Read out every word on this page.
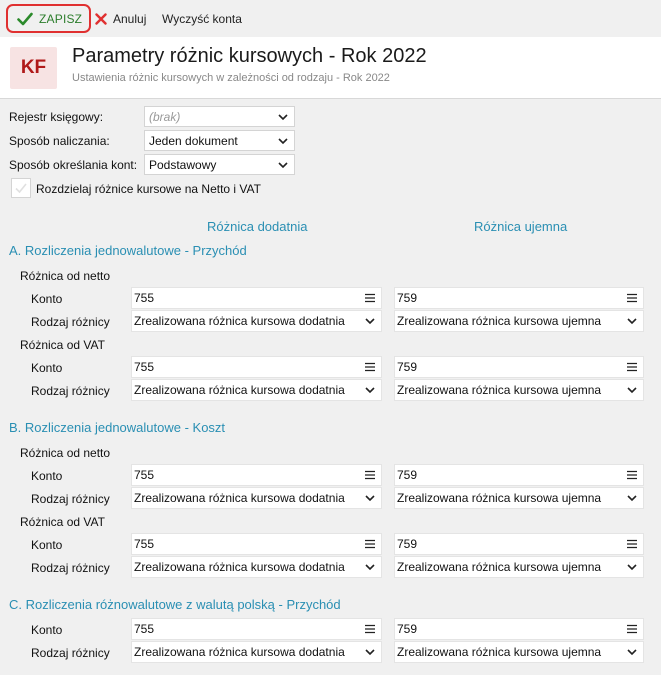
ZAPISZ	Anuluj Wyczyść konta
KF
Parametry różnic kursowych - Rok 2022
Ustawienia różnic kursowych w zależności od rodzaju - Rok 2022
Rejestr księgowy:	(brak)
Sposób naliczania:	Jeden dokument
Sposób określania kont: Podstawowy
Rozdzielaj różnice kursowe na Netto i VAT
Różnica dodatnia	Różnica ujemna
A. Rozliczenia jednowalutowe - Przychód
Różnica od netto
Konto	755	759
Rodzaj różnicy Zrealizowana różnica kursowa dodatnia	Zrealizowana różnica kursowa ujemna
Różnica od VAT
Konto	755	759
Rodzaj różnicy Zrealizowana różnica kursowa dodatnia	Zrealizowana różnica kursowa ujemna
B. Rozliczenia jednowalutowe - Koszt
Różnica od netto
Konto	755	759
Rodzaj różnicy Zrealizowana różnica kursowa dodatnia	Zrealizowana różnica kursowa ujemna
Różnica od VAT
Konto	755	759
Rodzaj różnicy Zrealizowana różnica kursowa dodatnia	Zrealizowana różnica kursowa ujemna
C. Rozliczenia różnowalutowe z walutą polską - Przychód
Konto	755	759
Rodzaj różnicy Zrealizowana różnica kursowa dodatnia	Zrealizowana różnica kursowa ujemna
